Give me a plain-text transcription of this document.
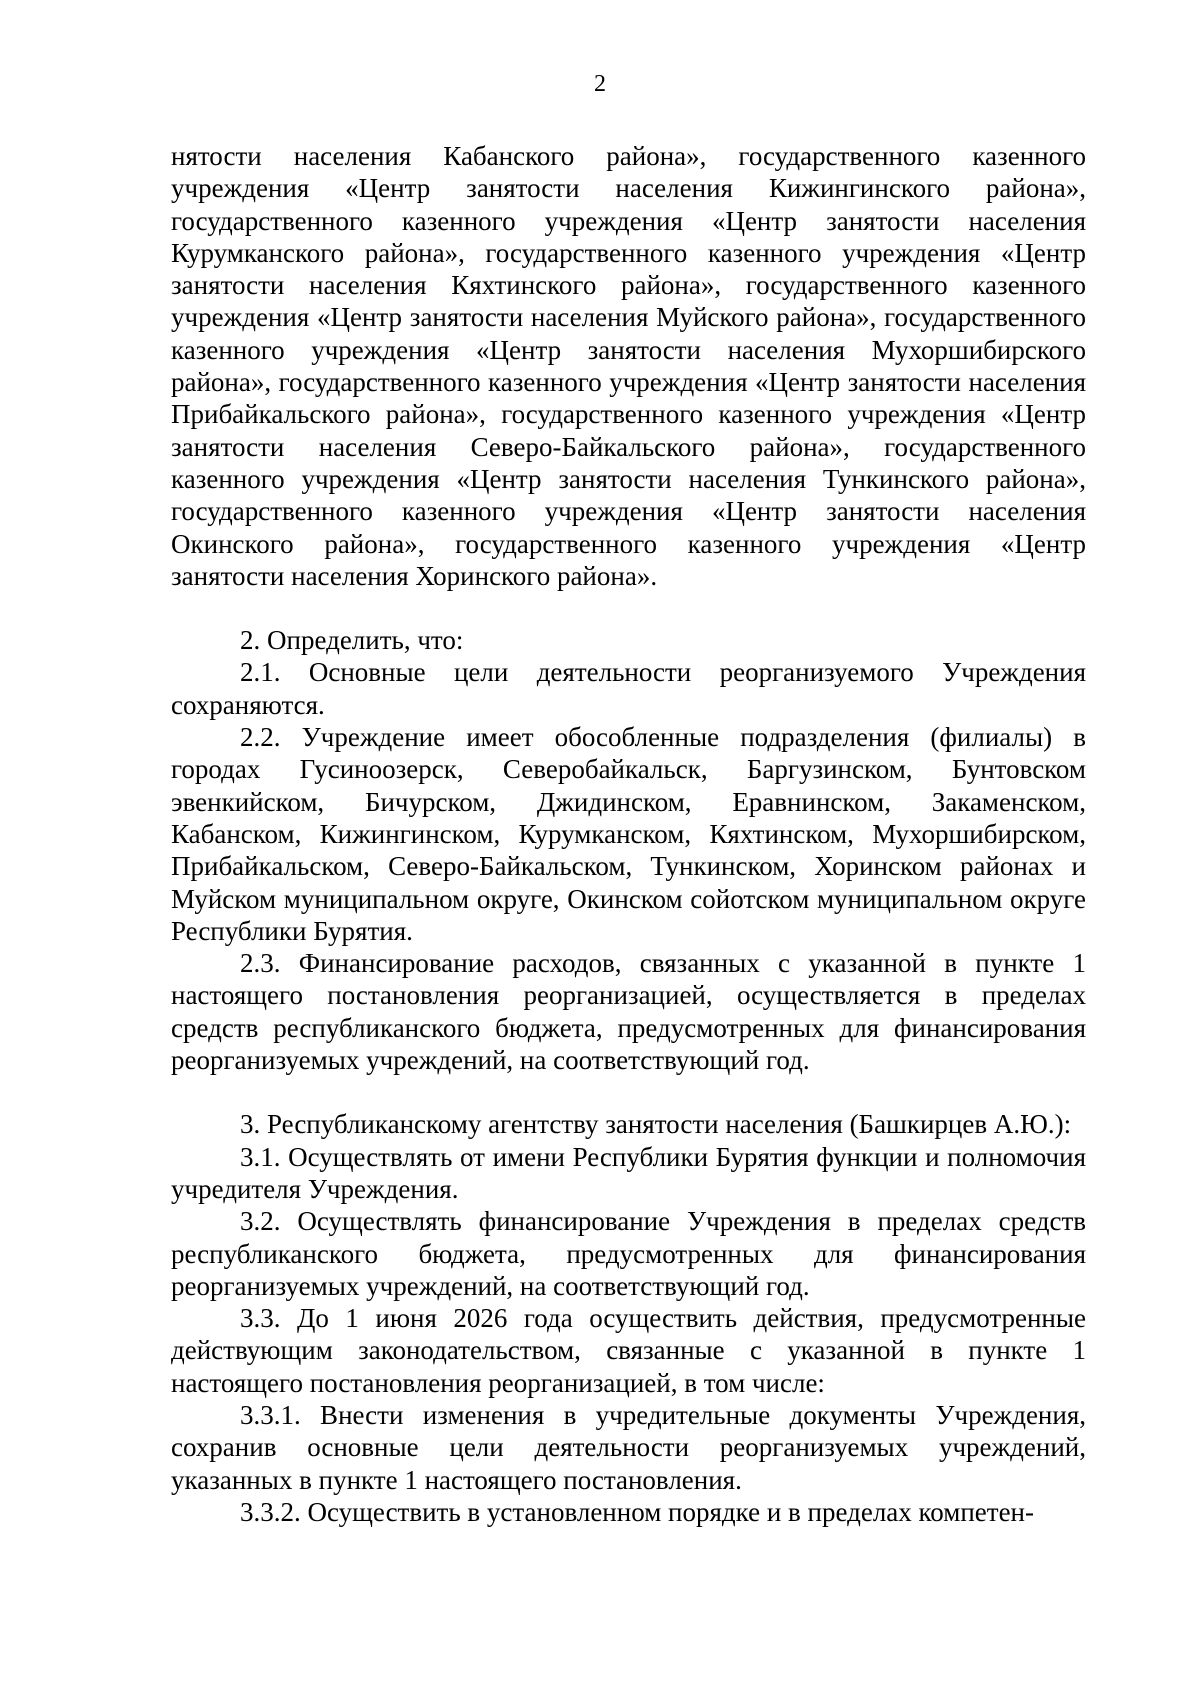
2

нятости населения Кабанского района», государственного казенного учреждения «Центр занятости населения Кижингинского района», государственного казенного учреждения «Центр занятости населения Курумканского района», государственного казенного учреждения «Центр занятости населения Кяхтинского района», государственного казенного учреждения «Центр занятости населения Муйского района», государственного казенного учреждения «Центр занятости населения Мухоршибирского района», государственного казенного учреждения «Центр занятости населения Прибайкальского района», государственного казенного учреждения «Центр занятости населения Северо-Байкальского района», государственного казенного учреждения «Центр занятости населения Тункинского района», государственного казенного учреждения «Центр занятости населения Окинского района», государственного казенного учреждения «Центр занятости населения Хоринского района».

2. Определить, что:

2.1. Основные цели деятельности реорганизуемого Учреждения сохраняются.

2.2. Учреждение имеет обособленные подразделения (филиалы) в городах Гусиноозерск, Северобайкальск, Баргузинском, Бунтовском эвенкийском, Бичурском, Джидинском, Еравнинском, Закаменском, Кабанском, Кижингинском, Курумканском, Кяхтинском, Мухоршибирском, Прибайкальском, Северо-Байкальском, Тункинском, Хоринском районах и Муйском муниципальном округе, Окинском сойотском муниципальном округе Республики Бурятия.

2.3. Финансирование расходов, связанных с указанной в пункте 1 настоящего постановления реорганизацией, осуществляется в пределах средств республиканского бюджета, предусмотренных для финансирования реорганизуемых учреждений, на соответствующий год.

3. Республиканскому агентству занятости населения (Башкирцев А.Ю.):

3.1. Осуществлять от имени Республики Бурятия функции и полномочия учредителя Учреждения.

3.2. Осуществлять финансирование Учреждения в пределах средств республиканского бюджета, предусмотренных для финансирования реорганизуемых учреждений, на соответствующий год.

3.3. До 1 июня 2026 года осуществить действия, предусмотренные действующим законодательством, связанные с указанной в пункте 1 настоящего постановления реорганизацией, в том числе:

3.3.1. Внести изменения в учредительные документы Учреждения, сохранив основные цели деятельности реорганизуемых учреждений, указанных в пункте 1 настоящего постановления.

3.3.2. Осуществить в установленном порядке и в пределах компетен-
